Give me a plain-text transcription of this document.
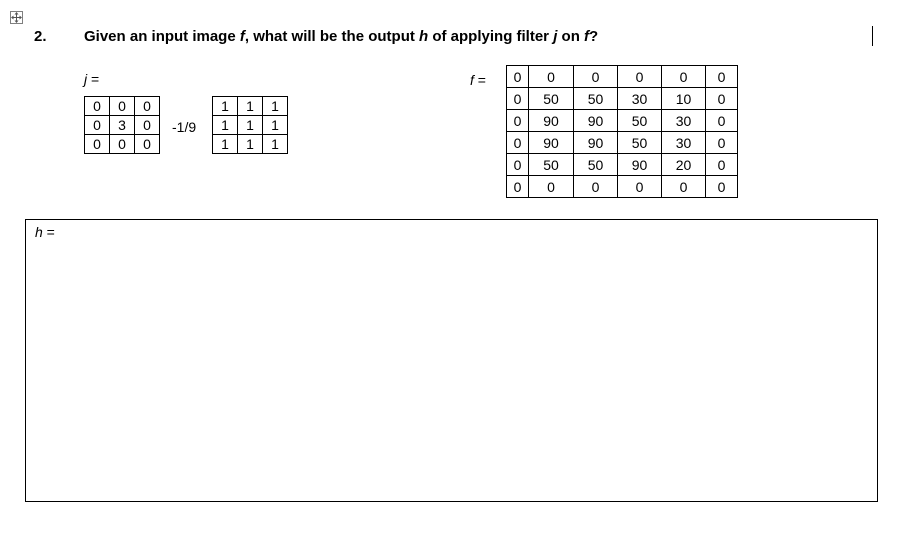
2. Given an input image f, what will be the output h of applying filter j on f?
j =
0	0	0
0	3	0
0	0	0
-1/9
1	1	1
1	1	1
1	1	1
f = 0	0	0	0	0	0
0	50	50	30	10	0
0	90	90	50	30	0
0	90	90	50	30	0
0	50	50	90	20	0
0	0	0	0	0	0
h =
